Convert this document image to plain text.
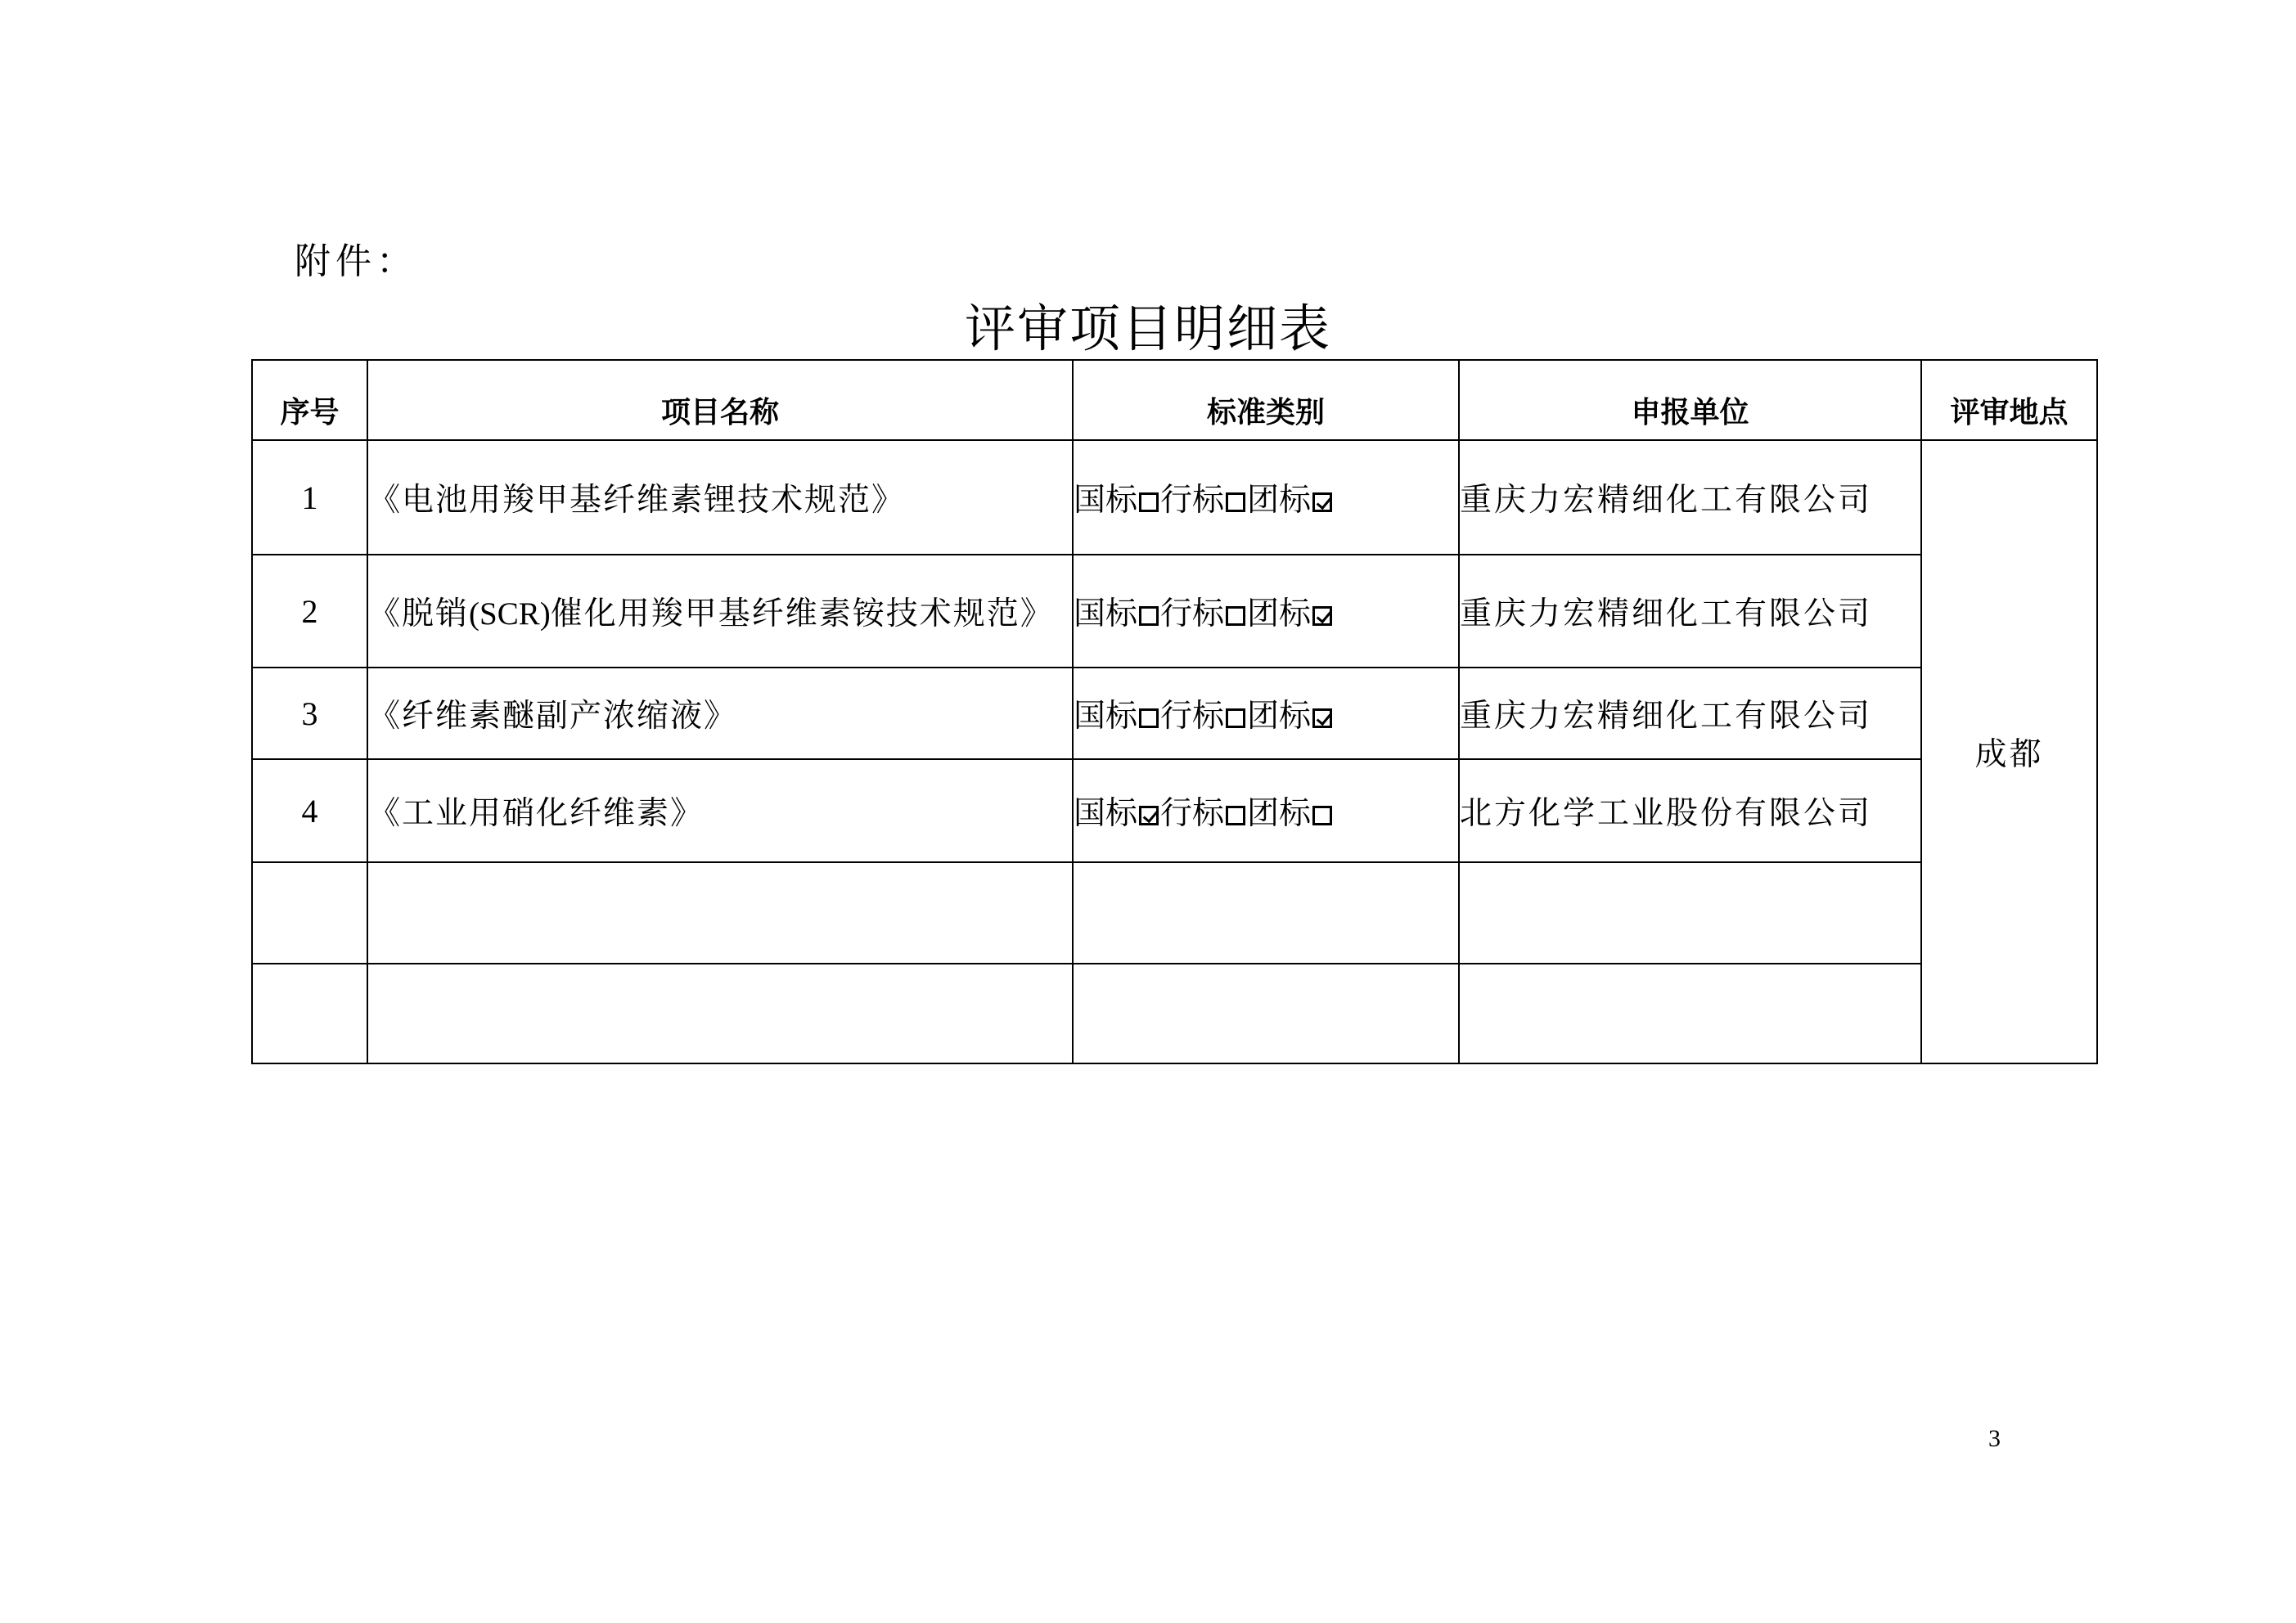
附件：
评审项目明细表
序号	项目名称	标准类别	申报单位	评审地点
1	《电池用羧甲基纤维素锂技术规范》	国标 行标 团标	重庆力宏精细化工有限公司	成都
2	《脱销(SCR)催化用羧甲基纤维素铵技术规范》	国标 行标 团标	重庆力宏精细化工有限公司	
3	《纤维素醚副产浓缩液》	国标 行标 团标	重庆力宏精细化工有限公司	
4	《工业用硝化纤维素》	国标 行标 团标	北方化学工业股份有限公司	

3
